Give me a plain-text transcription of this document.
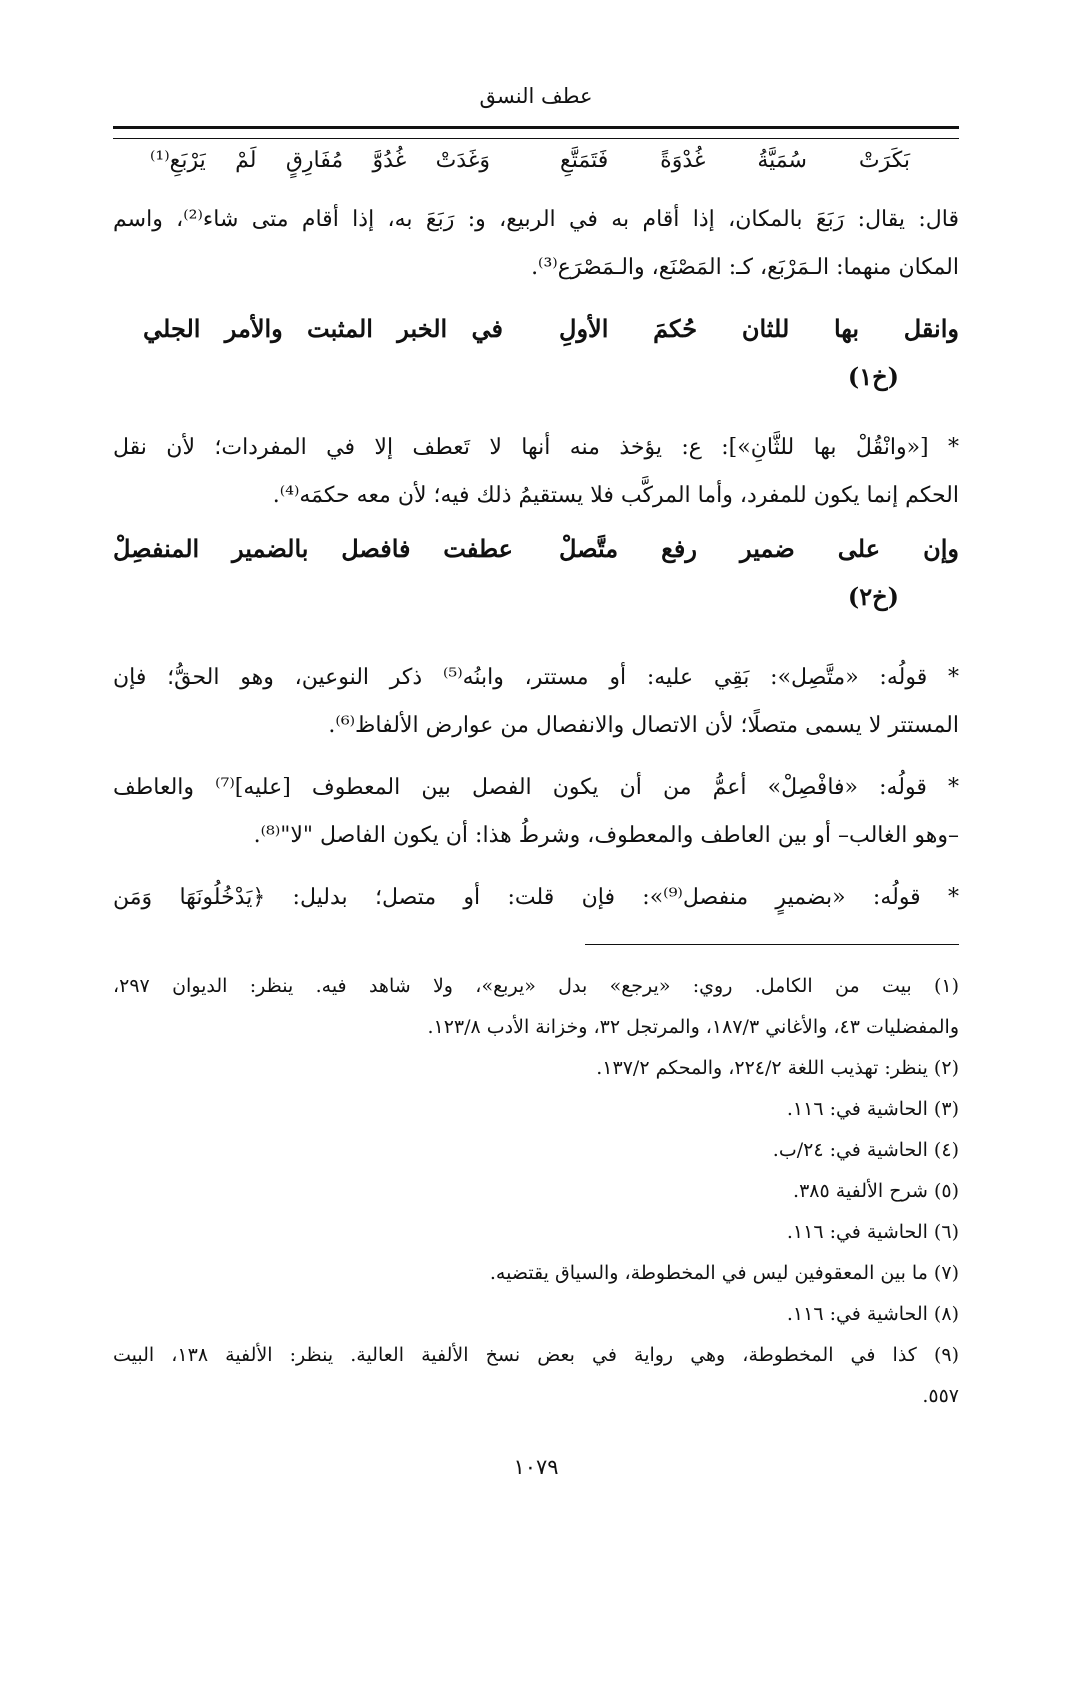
عطف النسق
بَكَرَتْ سُمَيَّةُ غُدْوَةً فَتَمَتَّعِ
وَغَدَتْ غُدُوَّ مُفَارِقٍ لَمْ يَرْبَعِ⁽¹⁾
قال: يقال: رَبَعَ بالمكان، إذا أقام به في الربيع، و: رَبَعَ به، إذا أقام متى شاء⁽²⁾، واسم
المكان منهما: الـمَرْبَع، كـ: المَصْنَع، والـمَصْرَع⁽³⁾.
وانقل بها للثان حُكمَ الأولِ
في الخبر المثبت والأمر الجلي
(خ١)
* [«وانْقُلْ بها للثَّانِ»]: ع: يؤخذ منه أنها لا تَعطف إلا في المفردات؛ لأن نقل
الحكم إنما يكون للمفرد، وأما المركَّب فلا يستقيمُ ذلك فيه؛ لأن معه حكمَه⁽⁴⁾.
وإن على ضمير رفع متَّصلْ
عطفت فافصل بالضمير المنفصِلْ
(خ٢)
* قولُه: «متَّصِل»: بَقِي عليه: أو مستتر، وابنُه⁽⁵⁾ ذكر النوعين، وهو الحقُّ؛ فإن
المستتر لا يسمى متصلًا؛ لأن الاتصال والانفصال من عوارض الألفاظ⁽⁶⁾.
* قولُه: «فافْصِلْ» أعمُّ من أن يكون الفصل بين المعطوف [عليه]⁽⁷⁾ والعاطف
–وهو الغالب– أو بين العاطف والمعطوف، وشرطُ هذا: أن يكون الفاصل "لا"⁽⁸⁾.
* قولُه: «بضميرٍ منفصل⁽⁹⁾»: فإن قلت: أو متصل؛ بدليل: ﴿يَدْخُلُونَهَا وَمَن
(١) بيت من الكامل. روي: «يرجع» بدل «يربع»، ولا شاهد فيه. ينظر: الديوان ٢٩٧،
والمفضليات ٤٣، والأغاني ١٨٧/٣، والمرتجل ٣٢، وخزانة الأدب ١٢٣/٨.
(٢) ينظر: تهذيب اللغة ٢٢٤/٢، والمحكم ١٣٧/٢.
(٣) الحاشية في: ١١٦.
(٤) الحاشية في: ٢٤/ب.
(٥) شرح الألفية ٣٨٥.
(٦) الحاشية في: ١١٦.
(٧) ما بين المعقوفين ليس في المخطوطة، والسياق يقتضيه.
(٨) الحاشية في: ١١٦.
(٩) كذا في المخطوطة، وهي رواية في بعض نسخ الألفية العالية. ينظر: الألفية ١٣٨، البيت
٥٥٧.
١٠٧٩
